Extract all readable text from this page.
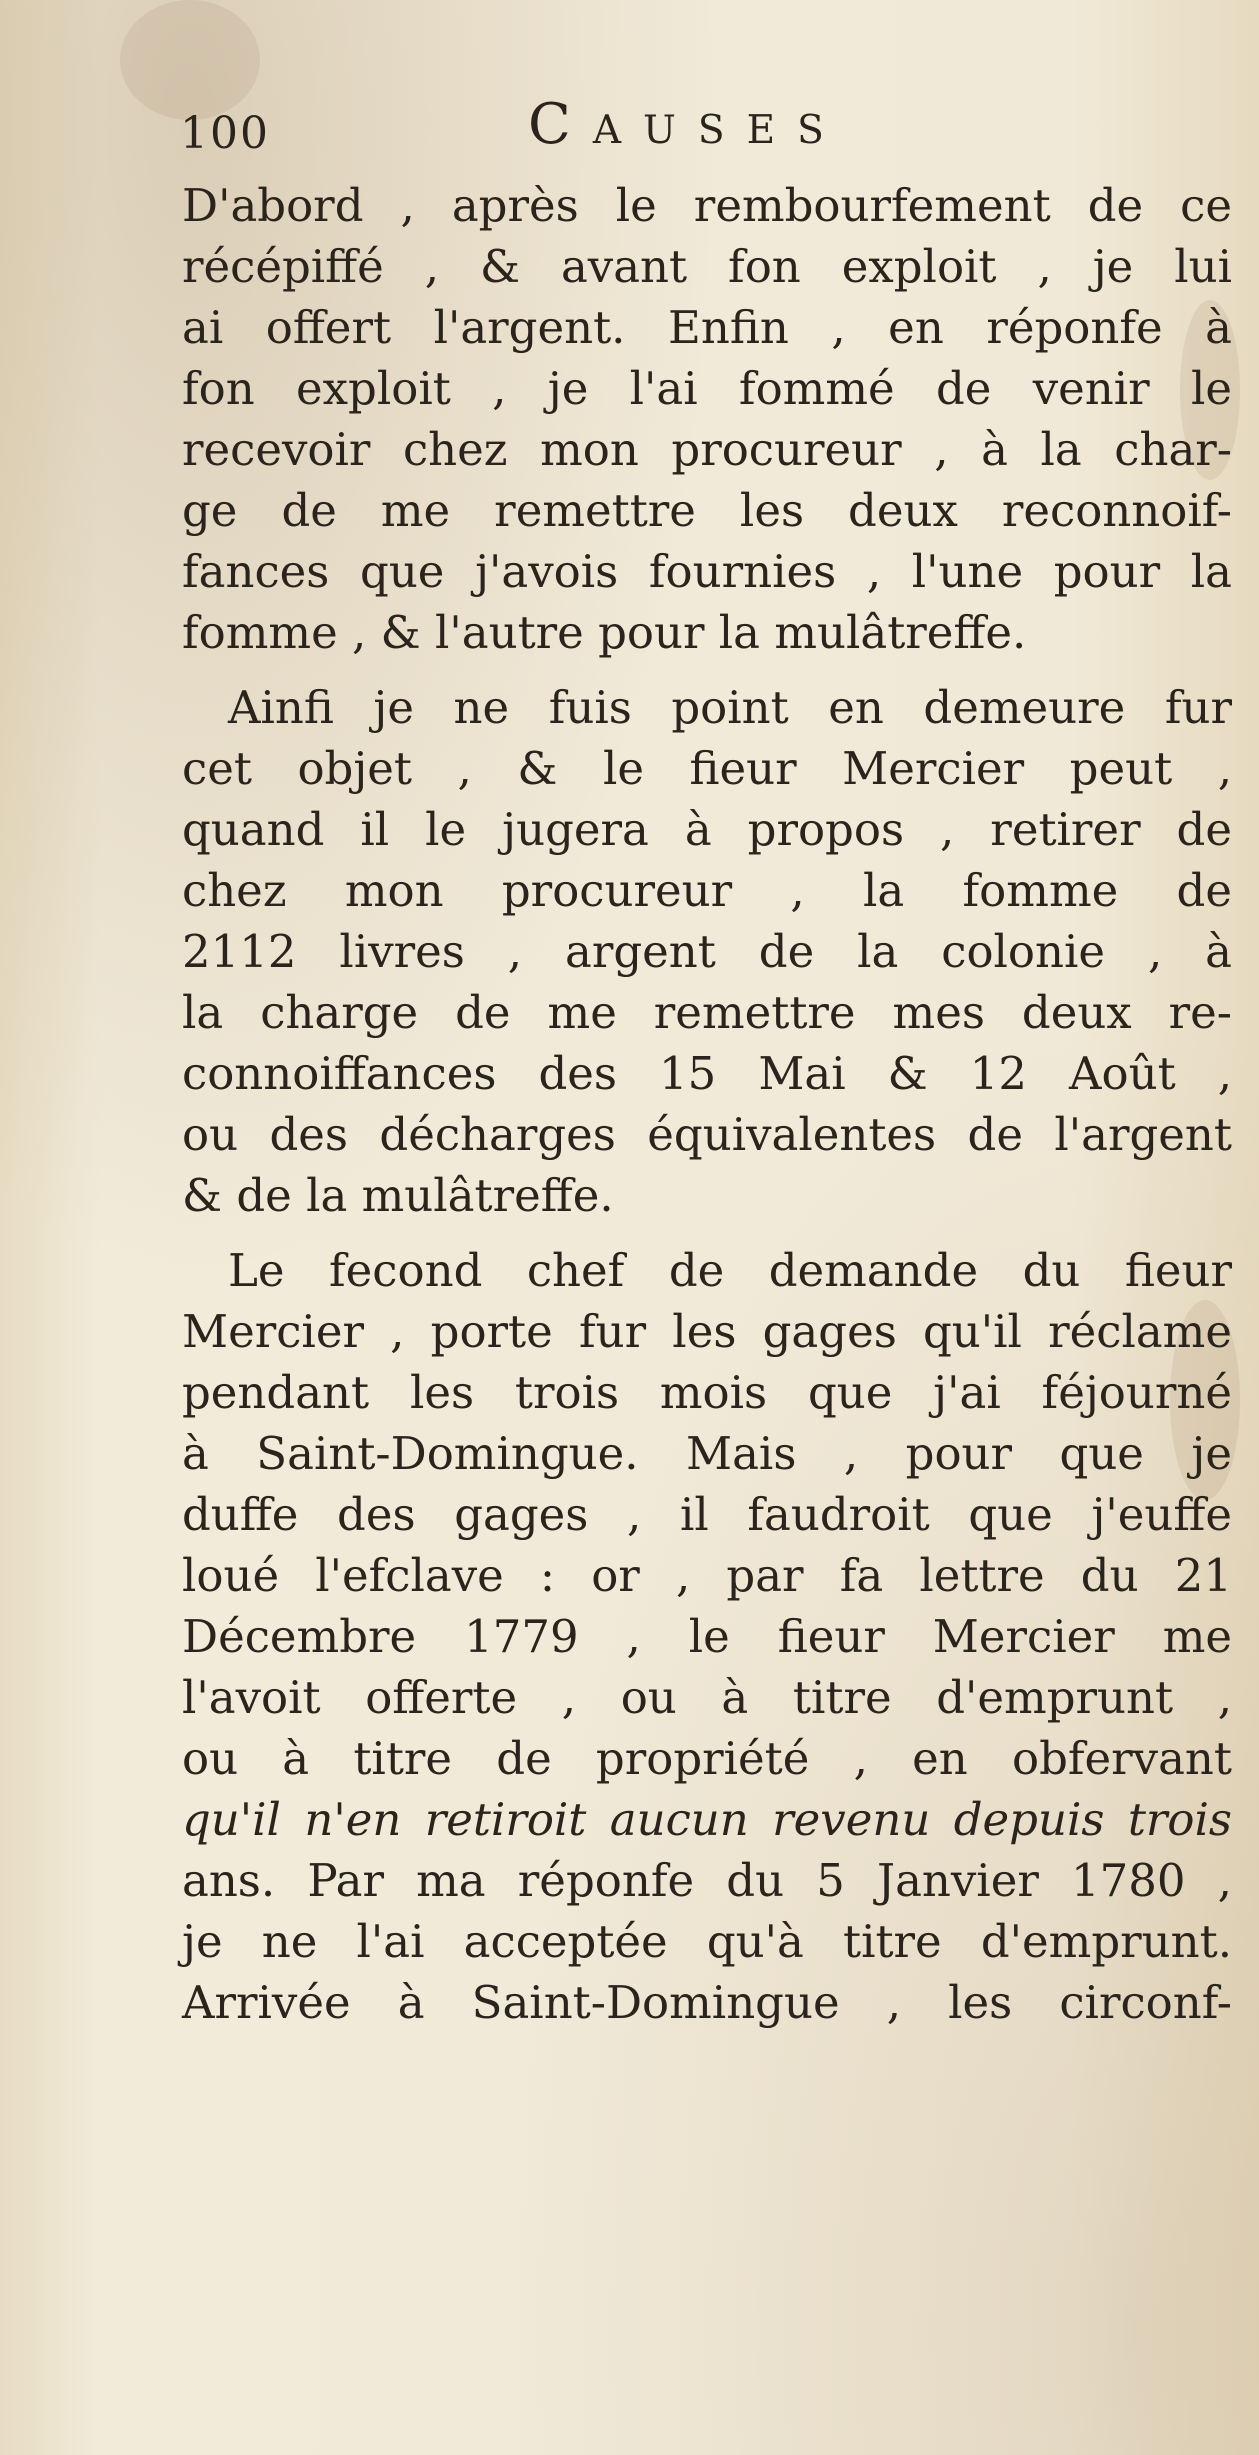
100	Causes
D'abord , après le rembourfement de ce
récépiffé , & avant fon exploit , je lui
ai offert l'argent. Enfin , en réponfe à
fon exploit , je l'ai fommé de venir le
recevoir chez mon procureur , à la char-
ge de me remettre les deux reconnoif-
fances que j'avois fournies , l'une pour la
fomme , & l'autre pour la mulâtreffe.
Ainfi je ne fuis point en demeure fur
cet objet , & le fieur Mercier peut ,
quand il le jugera à propos , retirer de
chez mon procureur , la fomme de
2112 livres , argent de la colonie , à
la charge de me remettre mes deux re-
connoiffances des 15 Mai & 12 Août ,
ou des décharges équivalentes de l'argent
& de la mulâtreffe.
Le fecond chef de demande du fieur
Mercier , porte fur les gages qu'il réclame
pendant les trois mois que j'ai féjourné
à Saint-Domingue. Mais , pour que je
duffe des gages , il faudroit que j'euffe
loué l'efclave : or , par fa lettre du 21
Décembre 1779 , le fieur Mercier me
l'avoit offerte , ou à titre d'emprunt ,
ou à titre de propriété , en obfervant
qu'il n'en retiroit aucun revenu depuis trois
ans. Par ma réponfe du 5 Janvier 1780 ,
je ne l'ai acceptée qu'à titre d'emprunt.
Arrivée à Saint-Domingue , les circonf-
